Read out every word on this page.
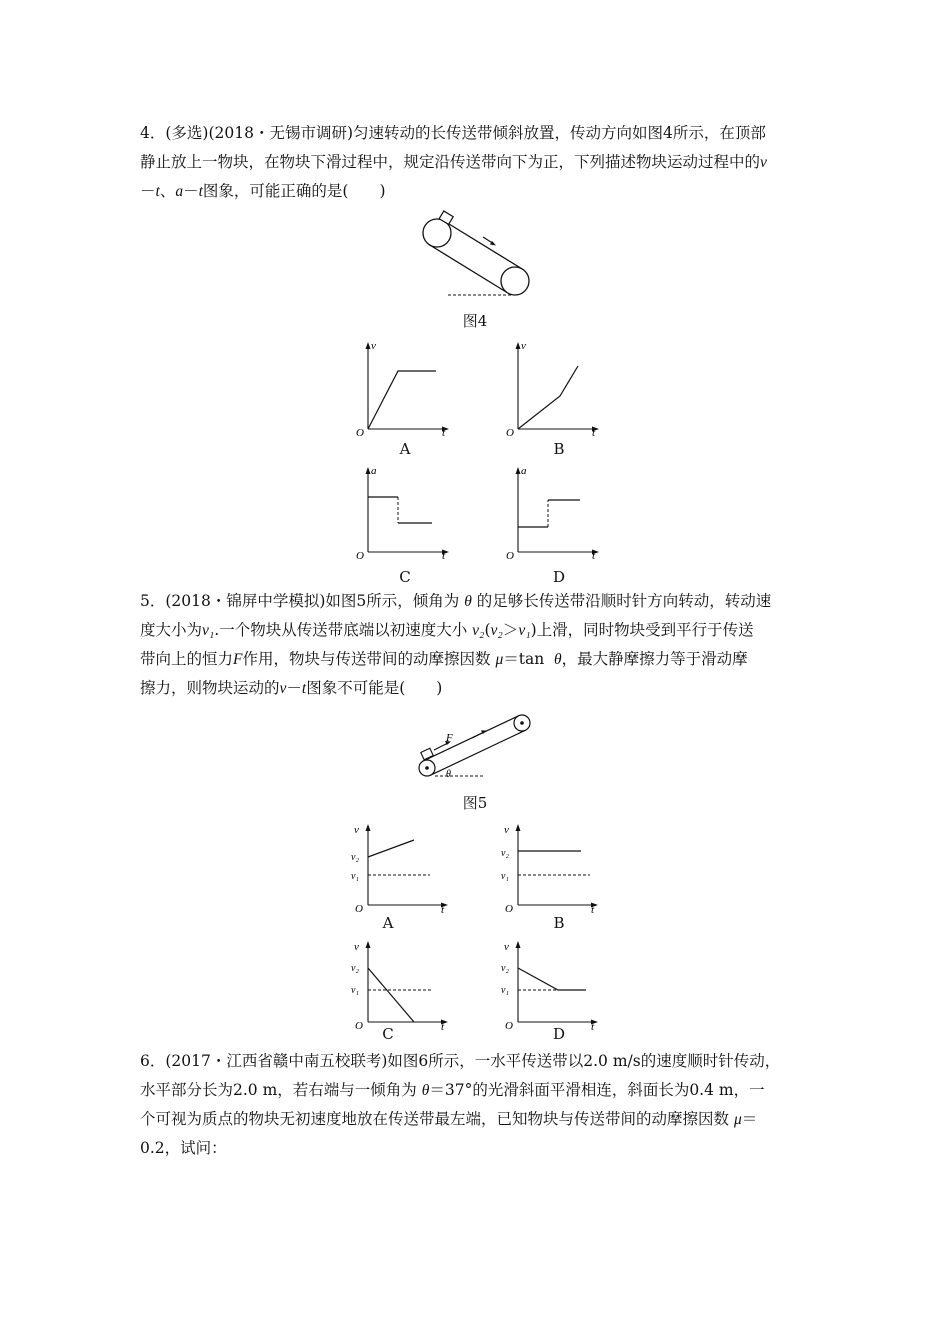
4．(多选)(2018・无锡市调研)匀速转动的长传送带倾斜放置，传动方向如图4所示，在顶部
静止放上一物块，在物块下滑过程中，规定沿传送带向下为正，下列描述物块运动过程中的v
－t、a－t图象，可能正确的是(　　)
图4
v
t
O
A
v
t
O
B
a
t
O
C
a
t
O
D
5．(2018・锦屏中学模拟)如图5所示，倾角为 θ 的足够长传送带沿顺时针方向转动，转动速
度大小为v₁.一个物块从传送带底端以初速度大小 v₂(v₂＞v₁)上滑，同时物块受到平行于传送
带向上的恒力F作用，物块与传送带间的动摩擦因数 μ＝tan θ，最大静摩擦力等于滑动摩
擦力，则物块运动的v－t图象不可能是(　　)
F
θ
图5
v
t
O
v₂
v₁
A
v
t
O
v₂
v₁
B
v
t
O
v₂
v₁
C
v
t
O
v₂
v₁
D
6．(2017・江西省赣中南五校联考)如图6所示，一水平传送带以2.0 m/s的速度顺时针传动，
水平部分长为2.0 m，若右端与一倾角为 θ＝37°的光滑斜面平滑相连，斜面长为0.4 m，一
个可视为质点的物块无初速度地放在传送带最左端，已知物块与传送带间的动摩擦因数 μ＝
0.2，试问：
